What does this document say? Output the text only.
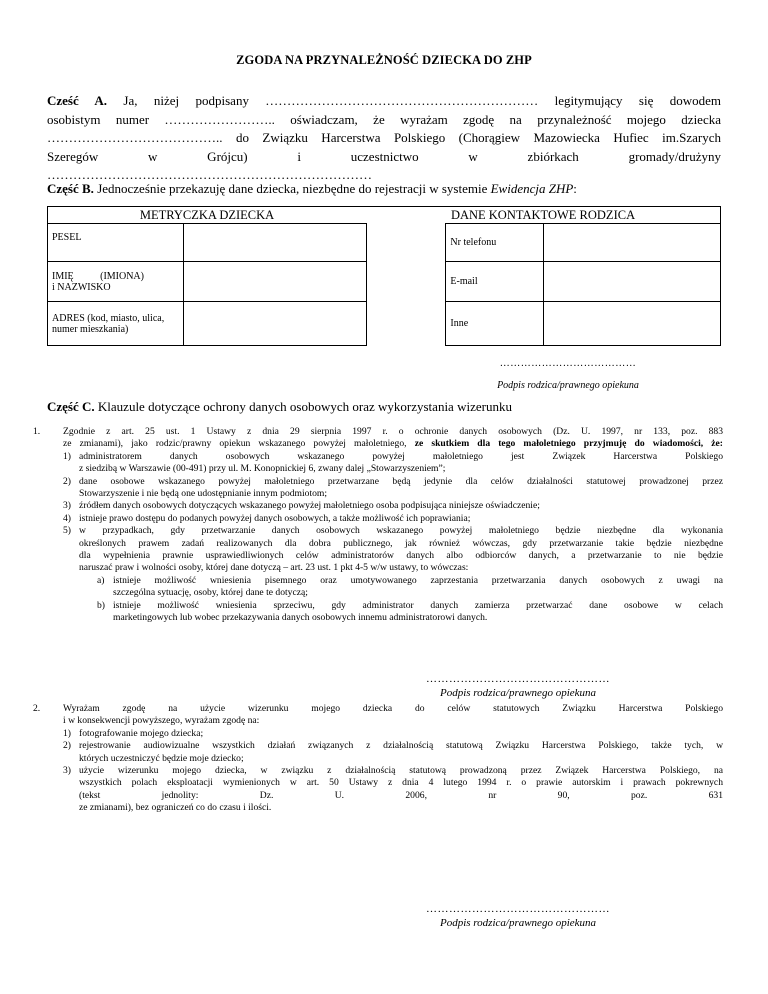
ZGODA NA PRZYNALEŻNOŚĆ DZIECKA DO ZHP
Cześć A. Ja, niżej podpisany ……………………………………………………… legitymujący się dowodem
osobistym numer …………………….. oświadczam, że wyrażam zgodę na przynależność mojego dziecka
………………………………….. do Związku Harcerstwa Polskiego (Chorągiew Mazowiecka Hufiec im.Szarych
Szeregów w Grójcu) i uczestnictwo w zbiórkach gromady/drużyny
…………………………………………………………………
Część B. Jednocześnie przekazuję dane dziecka, niezbędne do rejestracji w systemie Ewidencja ZHP:
METRYCZKA DZIECKA		DANE KONTAKTOWE RODZICA		
PESEL			Nr telefonu	

IMIĘ (IMIONA)
i NAZWISKO			E-mail	
ADRES (kod, miasto, ulica, numer mieszkania)			Inne	
…………………………………
Podpis rodzica/prawnego opiekuna
Część C. Klauzule dotyczące ochrony danych osobowych oraz wykorzystania wizerunku
1. Zgodnie z art. 25 ust. 1 Ustawy z dnia 29 sierpnia 1997 r. o ochronie danych osobowych (Dz. U. 1997, nr 133, poz. 883
ze zmianami), jako rodzic/prawny opiekun wskazanego powyżej małoletniego, ze skutkiem dla tego małoletniego przyjmuję do wiadomości, że:
1) administratorem danych osobowych wskazanego powyżej małoletniego jest Związek Harcerstwa Polskiego
z siedzibą w Warszawie (00-491) przy ul. M. Konopnickiej 6, zwany dalej „Stowarzyszeniem”;
2) dane osobowe wskazanego powyżej małoletniego przetwarzane będą jedynie dla celów działalności statutowej prowadzonej przez
Stowarzyszenie i nie będą one udostępnianie innym podmiotom;
3) źródłem danych osobowych dotyczących wskazanego powyżej małoletniego osoba podpisująca niniejsze oświadczenie;
4) istnieje prawo dostępu do podanych powyżej danych osobowych, a także możliwość ich poprawiania;
5) w przypadkach, gdy przetwarzanie danych osobowych wskazanego powyżej małoletniego będzie niezbędne dla wykonania
określonych prawem zadań realizowanych dla dobra publicznego, jak również wówczas, gdy przetwarzanie takie będzie niezbędne
dla wypełnienia prawnie usprawiedliwionych celów administratorów danych albo odbiorców danych, a przetwarzanie to nie będzie
naruszać praw i wolności osoby, której dane dotyczą – art. 23 ust. 1 pkt 4-5 w/w ustawy, to wówczas:
a) istnieje możliwość wniesienia pisemnego oraz umotywowanego zaprzestania przetwarzania danych osobowych z uwagi na
szczególna sytuację, osoby, której dane te dotyczą;
b) istnieje możliwość wniesienia sprzeciwu, gdy administrator danych zamierza przetwarzać dane osobowe w celach
marketingowych lub wobec przekazywania danych osobowych innemu administratorowi danych.
…………………………………………
Podpis rodzica/prawnego opiekuna
2. Wyrażam zgodę na użycie wizerunku mojego dziecka do celów statutowych Związku Harcerstwa Polskiego
i w konsekwencji powyższego, wyrażam zgodę na:
1) fotografowanie mojego dziecka;
2) rejestrowanie audiowizualne wszystkich działań związanych z działalnością statutową Związku Harcerstwa Polskiego, także tych, w
których uczestniczyć będzie moje dziecko;
3) użycie wizerunku mojego dziecka, w związku z działalnością statutową prowadzoną przez Związek Harcerstwa Polskiego, na
wszystkich polach eksploatacji wymienionych w art. 50 Ustawy z dnia 4 lutego 1994 r. o prawie autorskim i prawach pokrewnych
(tekst jednolity: Dz. U. 2006, nr 90, poz. 631
ze zmianami), bez ograniczeń co do czasu i ilości.
…………………………………………
Podpis rodzica/prawnego opiekuna
